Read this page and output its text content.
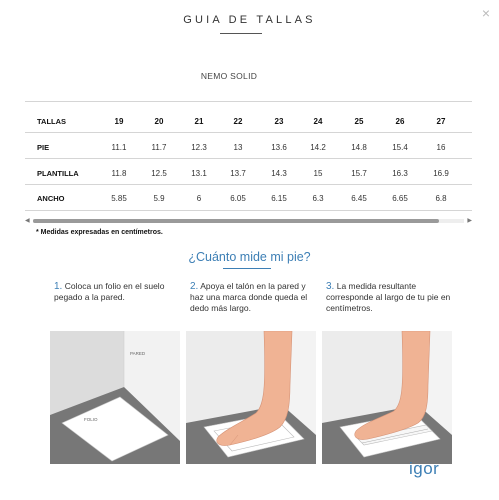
×
GUIA DE TALLAS
NEMO SOLID
TALLAS	19	20	21	22	23	24	25	26	27
PIE	11.1	11.7	12.3	13	13.6	14.2	14.8	15.4	16
PLANTILLA	11.8	12.5	13.1	13.7	14.3	15	15.7	16.3	16.9
ANCHO	5.85	5.9	6	6.05	6.15	6.3	6.45	6.65	6.8
◀	▶
* Medidas expresadas en centímetros.
¿Cuánto mide mi pie?
1. Coloca un folio en el suelo pegado a la pared.
2. Apoya el talón en la pared y haz una marca donde queda el dedo más largo.
3. La medida resultante corresponde al largo de tu pie en centímetros.
PARED
FOLIO
igor
